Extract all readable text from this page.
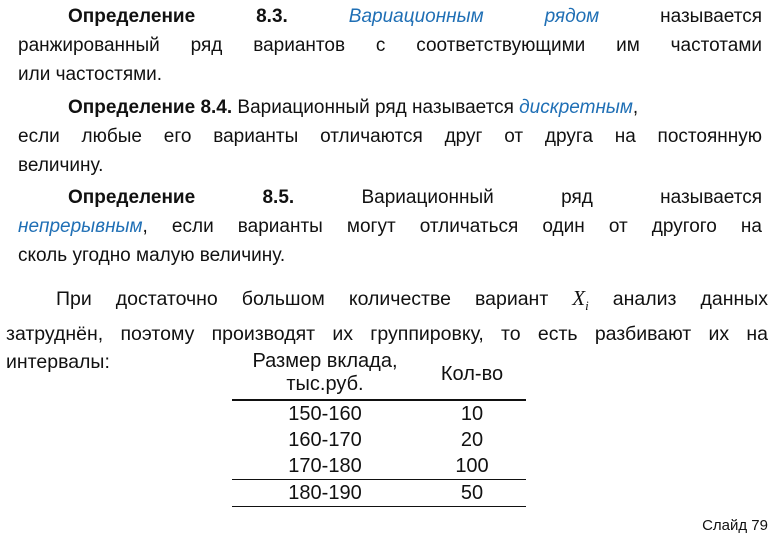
Определение 8.3.	Вариационным рядом	называется
ранжированный ряд вариантов с соответствующими им частотами
или частостями.
Определение 8.4. Вариационный ряд называется дискретным,
если любые его варианты отличаются друг от друга на постоянную
величину.
Определение 8.5.	Вариационный ряд называется
непрерывным, если варианты могут отличаться один от другого на
сколь угодно малую величину.
При достаточно большом количестве вариант $X_i$ анализ данных
затруднён, поэтому производят их группировку, то есть разбивают их на
интервалы:	Размер вклада, тыс.руб.	Кол-во
150-160	10
160-170	20
170-180	100
180-190	50
Слайд 79
